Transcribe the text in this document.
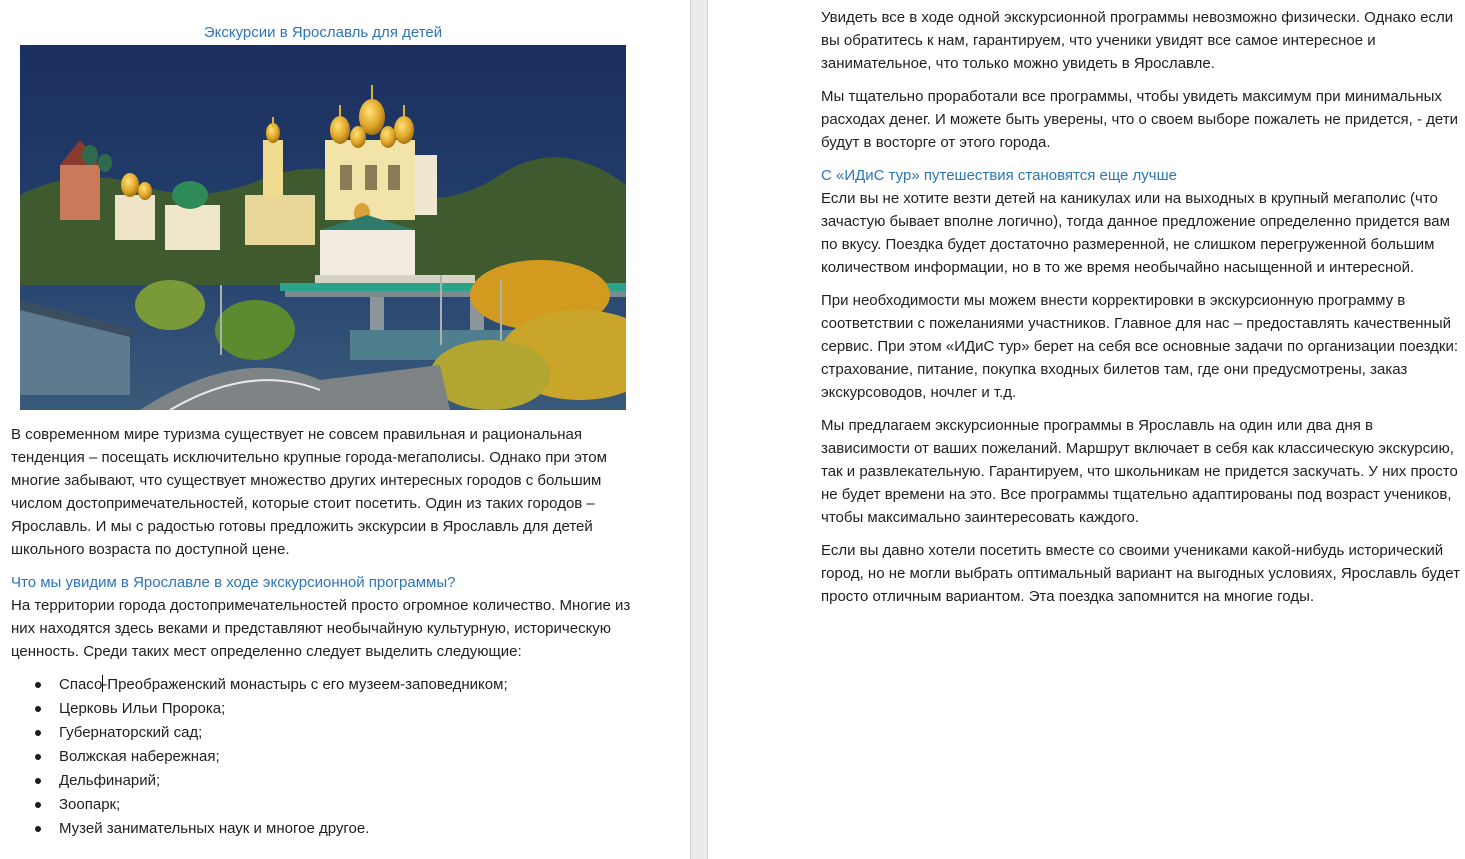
Экскурсии в Ярославль для детей

В современном мире туризма существует не совсем правильная и рациональная тенденция – посещать исключительно крупные города-мегаполисы. Однако при этом многие забывают, что существует множество других интересных городов с большим числом достопримечательностей, которые стоит посетить. Один из таких городов – Ярославль. И мы с радостью готовы предложить экскурсии в Ярославль для детей школьного возраста по доступной цене.

Что мы увидим в Ярославле в ходе экскурсионной программы?

На территории города достопримечательностей просто огромное количество. Многие из них находятся здесь веками и представляют необычайную культурную, историческую ценность. Среди таких мест определенно следует выделить следующие:

Спасо-Преображенский монастырь с его музеем-заповедником;
Церковь Ильи Пророка;
Губернаторский сад;
Волжская набережная;
Дельфинарий;
Зоопарк;
Музей занимательных наук и многое другое.

Увидеть все в ходе одной экскурсионной программы невозможно физически. Однако если вы обратитесь к нам, гарантируем, что ученики увидят все самое интересное и занимательное, что только можно увидеть в Ярославле.

Мы тщательно проработали все программы, чтобы увидеть максимум при минимальных расходах денег. И можете быть уверены, что о своем выборе пожалеть не придется, - дети будут в восторге от этого города.

С «ИДиС тур» путешествия становятся еще лучше

Если вы не хотите везти детей на каникулах или на выходных в крупный мегаполис (что зачастую бывает вполне логично), тогда данное предложение определенно придется вам по вкусу. Поездка будет достаточно размеренной, не слишком перегруженной большим количеством информации, но в то же время необычайно насыщенной и интересной.

При необходимости мы можем внести корректировки в экскурсионную программу в соответствии с пожеланиями участников. Главное для нас – предоставлять качественный сервис. При этом «ИДиС тур» берет на себя все основные задачи по организации поездки: страхование, питание, покупка входных билетов там, где они предусмотрены, заказ экскурсоводов, ночлег и т.д.

Мы предлагаем экскурсионные программы в Ярославль на один или два дня в зависимости от ваших пожеланий. Маршрут включает в себя как классическую экскурсию, так и развлекательную. Гарантируем, что школьникам не придется заскучать. У них просто не будет времени на это. Все программы тщательно адаптированы под возраст учеников, чтобы максимально заинтересовать каждого.

Если вы давно хотели посетить вместе со своими учениками какой-нибудь исторический город, но не могли выбрать оптимальный вариант на выгодных условиях, Ярославль будет просто отличным вариантом. Эта поездка запомнится на многие годы.
